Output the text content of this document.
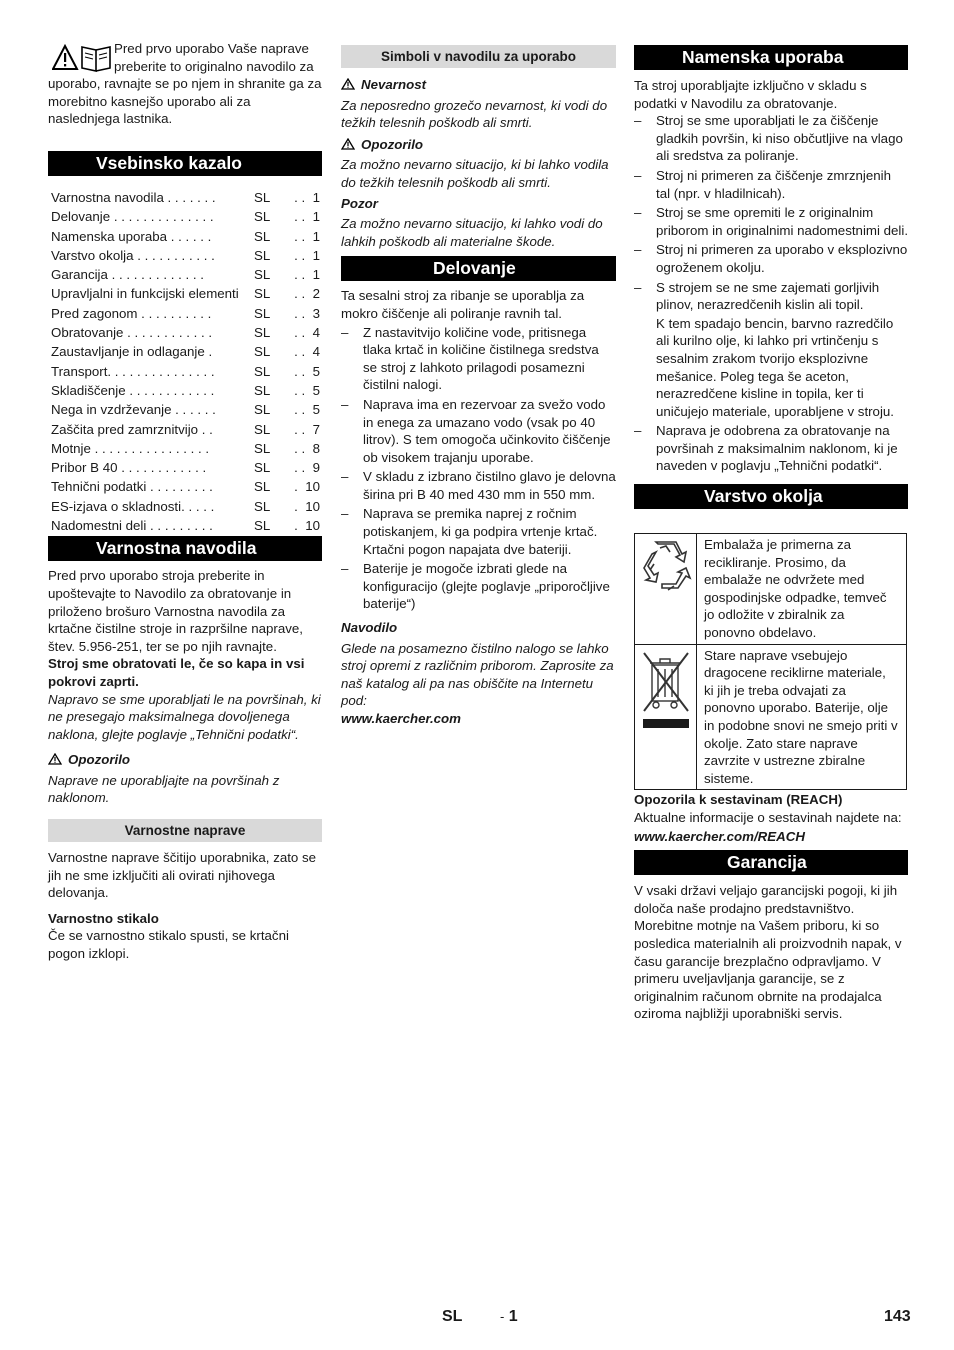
Pred prvo uporabo Vaše naprave preberite to originalno navodilo za uporabo, ravnajte se po njem in shranite ga za morebitno kasnejšo uporabo ali za naslednjega lastnika.

Vsebinsko kazalo
Varnostna navodila . . . . . . .	SL	. .  1
Delovanje . . . . . . . . . . . . . .	SL	. .  1
Namenska uporaba . . . . . .	SL	. .  1
Varstvo okolja . . . . . . . . . . .	SL	. .  1
Garancija . . . . . . . . . . . . .	SL	. .  1
Upravljalni in funkcijski elementi	SL	. .  2
Pred zagonom . . . . . . . . . .	SL	. .  3
Obratovanje . . . . . . . . . . . .	SL	. .  4
Zaustavljanje in odlaganje .	SL	. .  4
Transport. . . . . . . . . . . . . . .	SL	. .  5
Skladiščenje . . . . . . . . . . . .	SL	. .  5
Nega in vzdrževanje . . . . . .	SL	. .  5
Zaščita pred zamrznitvijo . .	SL	. .  7
Motnje . . . . . . . . . . . . . . . .	SL	. .  8
Pribor B 40 . . . . . . . . . . . .	SL	. .  9
Tehnični podatki . . . . . . . . .	SL	.  10
ES-izjava o skladnosti. . . . .	SL	.  10
Nadomestni deli . . . . . . . . .	SL	.  10
Varnostna navodila

Pred prvo uporabo stroja preberite in upoštevajte to Navodilo za obratovanje in priloženo brošuro Varnostna navodila za krtačne čistilne stroje in razpršilne naprave, štev. 5.956-251, ter se po njih ravnajte.

Stroj sme obratovati le, če so kapa in vsi pokrovi zaprti.

Napravo se sme uporabljati le na površinah, ki ne presegajo maksimalnega dovoljenega naklona, glejte poglavje „Tehnični podatki“.

Opozorilo

Naprave ne uporabljajte na površinah z naklonom.

Varnostne naprave

Varnostne naprave ščitijo uporabnika, zato se jih ne sme izključiti ali ovirati njihovega delovanja.

Varnostno stikalo

Če se varnostno stikalo spusti, se krtačni pogon izklopi.

Simboli v navodilu za uporabo

Nevarnost

Za neposredno grozečo nevarnost, ki vodi do težkih telesnih poškodb ali smrti.

Opozorilo

Za možno nevarno situacijo, ki bi lahko vodila do težkih telesnih poškodb ali smrti.

Pozor

Za možno nevarno situacijo, ki lahko vodi do lahkih poškodb ali materialne škode.

Delovanje

Ta sesalni stroj za ribanje se uporablja za mokro čiščenje ali poliranje ravnih tal.

– Z nastavitvijo količine vode, pritisnega tlaka krtač in količine čistilnega sredstva se stroj z lahkoto prilagodi posamezni čistilni nalogi.
– Naprava ima en rezervoar za svežo vodo in enega za umazano vodo (vsak po 40 litrov). S tem omogoča učinkovito čiščenje ob visokem trajanju uporabe.
– V skladu z izbrano čistilno glavo je delovna širina pri B 40 med 430 mm in 550 mm.
– Naprava se premika naprej z ročnim potiskanjem, ki ga podpira vrtenje krtač. Krtačni pogon napajata dve bateriji.
– Baterije je mogoče izbrati glede na konfiguracijo (glejte poglavje „priporočljive baterije“)

Navodilo

Glede na posamezno čistilno nalogo se lahko stroj opremi z različnim priborom. Zaprosite za naš katalog ali pa nas obiščite na Internetu pod:

www.kaercher.com

Namenska uporaba

Ta stroj uporabljajte izključno v skladu s podatki v Navodilu za obratovanje.

– Stroj se sme uporabljati le za čiščenje gladkih površin, ki niso občutljive na vlago ali sredstva za poliranje.
– Stroj ni primeren za čiščenje zmrznjenih tal (npr. v hladilnicah).
– Stroj se sme opremiti le z originalnim priborom in originalnimi nadomestnimi deli.
– Stroj ni primeren za uporabo v eksplozivno ogroženem okolju.
– S strojem se ne sme zajemati gorljivih plinov, nerazredčenih kislin ali topil.

K tem spadajo bencin, barvno razredčilo ali kurilno olje, ki lahko pri vrtinčenju s sesalnim zrakom tvorijo eksplozivne mešanice. Poleg tega še aceton, nerazredčene kisline in topila, ker ti uničujejo materiale, uporabljene v stroju.

– Naprava je odobrena za obratovanje na površinah z maksimalnim naklonom, ki je naveden v poglavju „Tehnični podatki“.
Varstvo okolja
	Embalaža je primerna za recikliranje. Prosimo, da embalaže ne odvržete med gospodinjske odpadke, temveč jo odložite v zbiralnik za ponovno obdelavo.
	Stare naprave vsebujejo dragocene reciklirne materiale, ki jih je treba odvajati za ponovno uporabo. Baterije, olje in podobne snovi ne smejo priti v okolje. Zato stare naprave zavrzite v ustrezne zbiralne sisteme.

Opozorila k sestavinam (REACH)

Aktualne informacije o sestavinah najdete na:

www.kaercher.com/REACH

Garancija

V vsaki državi veljajo garancijski pogoji, ki jih določa naše prodajno predstavništvo. Morebitne motnje na Vašem priboru, ki so posledica materialnih ali proizvodnih napak, v času garancije brezplačno odpravljamo. V primeru uveljavljanja garancije, se z originalnim računom obrnite na prodajalca oziroma najbližji uporabniški servis.

SL	- 1	143
